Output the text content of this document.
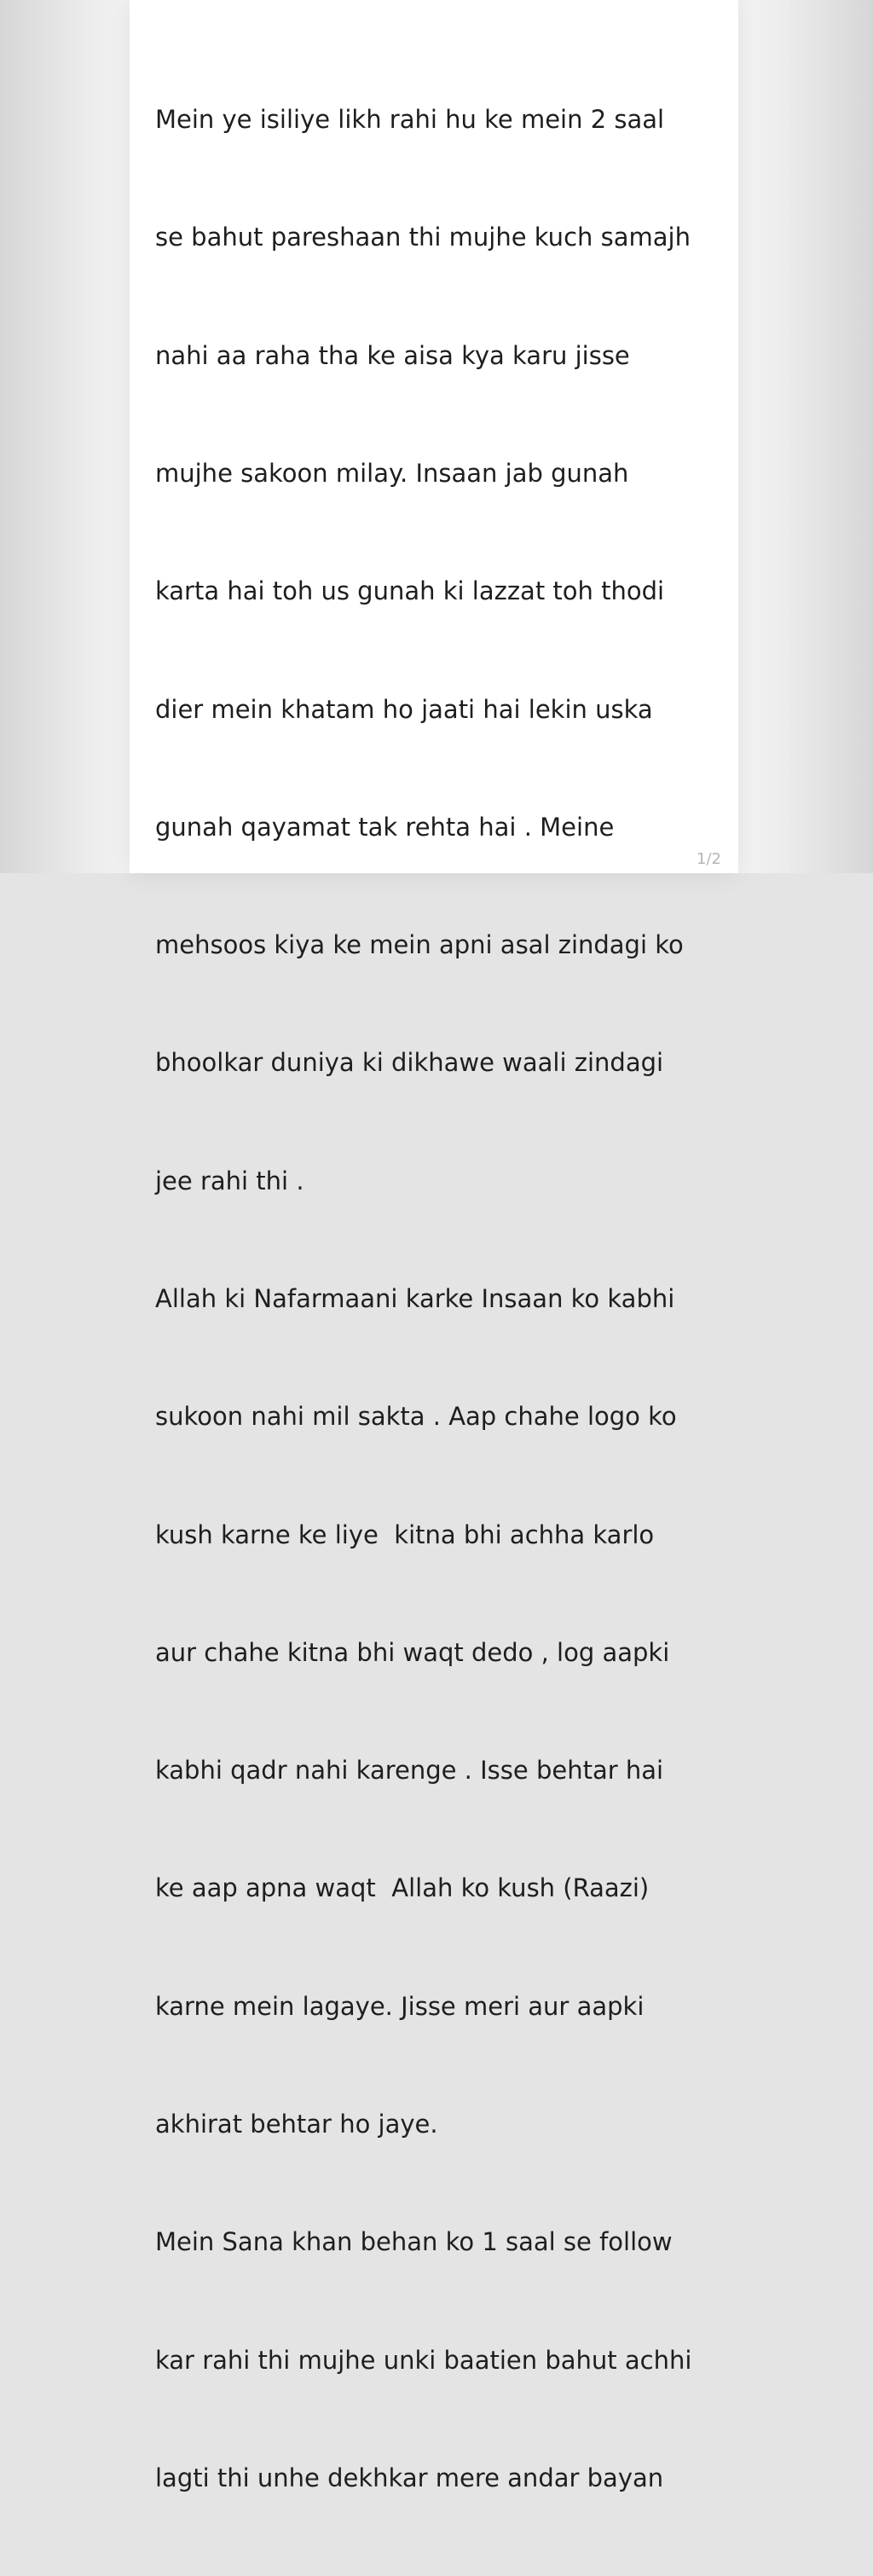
Mein ye isiliye likh rahi hu ke mein 2 saal

se bahut pareshaan thi mujhe kuch samajh

nahi aa raha tha ke aisa kya karu jisse

mujhe sakoon milay. Insaan jab gunah

karta hai toh us gunah ki lazzat toh thodi

dier mein khatam ho jaati hai lekin uska

gunah qayamat tak rehta hai . Meine

mehsoos kiya ke mein apni asal zindagi ko

bhoolkar duniya ki dikhawe waali zindagi

jee rahi thi .

Allah ki Nafarmaani karke Insaan ko kabhi

sukoon nahi mil sakta . Aap chahe logo ko

kush karne ke liye  kitna bhi achha karlo

aur chahe kitna bhi waqt dedo , log aapki

kabhi qadr nahi karenge . Isse behtar hai

ke aap apna waqt  Allah ko kush (Raazi)

karne mein lagaye. Jisse meri aur aapki

akhirat behtar ho jaye.

Mein Sana khan behan ko 1 saal se follow

kar rahi thi mujhe unki baatien bahut achhi

lagti thi unhe dekhkar mere andar bayan

1/2
